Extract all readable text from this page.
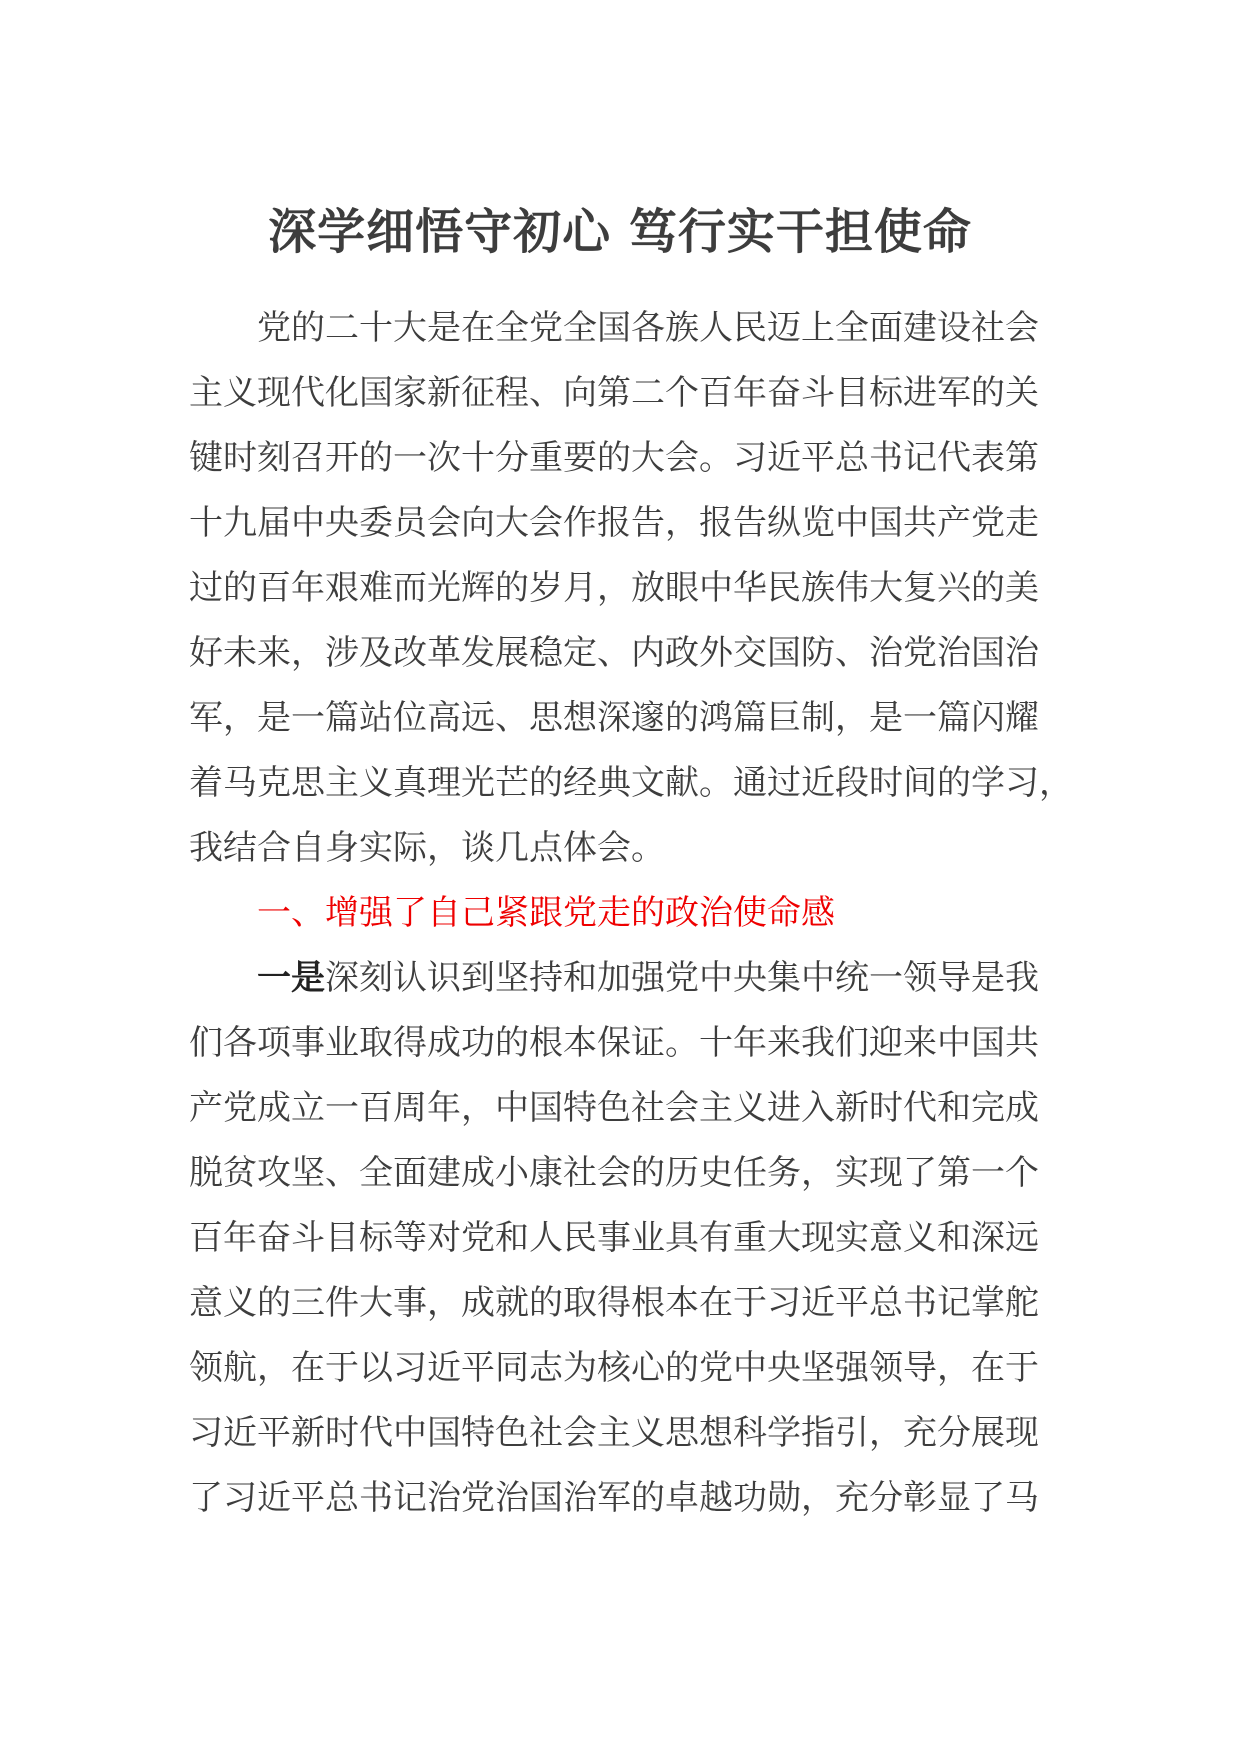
深学细悟守初心 笃行实干担使命
党的二十大是在全党全国各族人民迈上全面建设社会
主义现代化国家新征程、向第二个百年奋斗目标进军的关
键时刻召开的一次十分重要的大会。习近平总书记代表第
十九届中央委员会向大会作报告，报告纵览中国共产党走
过的百年艰难而光辉的岁月，放眼中华民族伟大复兴的美
好未来，涉及改革发展稳定、内政外交国防、治党治国治
军，是一篇站位高远、思想深邃的鸿篇巨制，是一篇闪耀
着马克思主义真理光芒的经典文献。通过近段时间的学习，
我结合自身实际，谈几点体会。
一、增强了自己紧跟党走的政治使命感
一是深刻认识到坚持和加强党中央集中统一领导是我
们各项事业取得成功的根本保证。十年来我们迎来中国共
产党成立一百周年，中国特色社会主义进入新时代和完成
脱贫攻坚、全面建成小康社会的历史任务，实现了第一个
百年奋斗目标等对党和人民事业具有重大现实意义和深远
意义的三件大事，成就的取得根本在于习近平总书记掌舵
领航，在于以习近平同志为核心的党中央坚强领导，在于
习近平新时代中国特色社会主义思想科学指引，充分展现
了习近平总书记治党治国治军的卓越功勋，充分彰显了马
